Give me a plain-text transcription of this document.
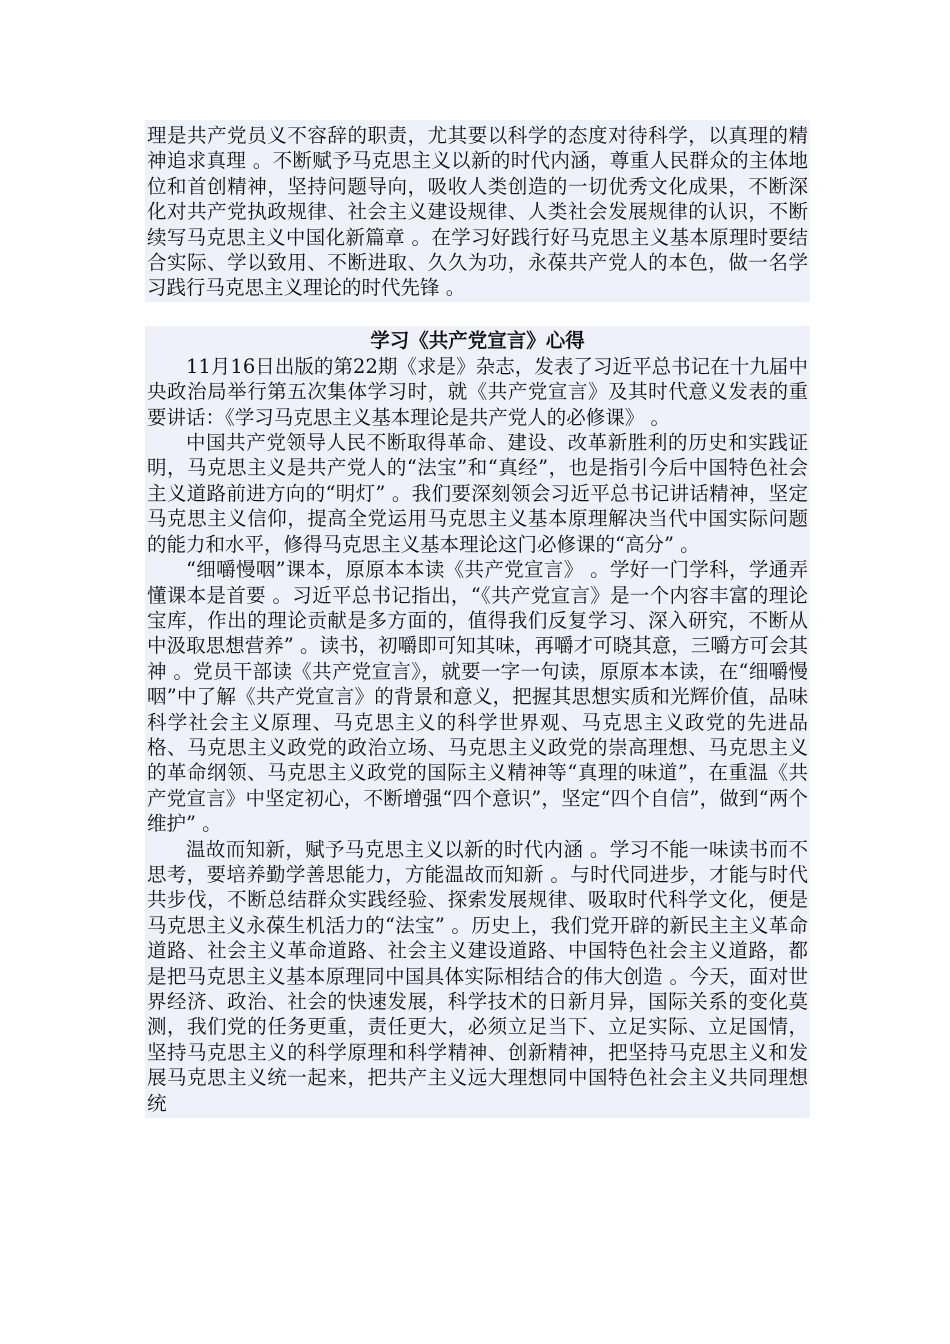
理是共产党员义不容辞的职责，尤其要以科学的态度对待科学，以真理的精神追求真理 。不断赋予马克思主义以新的时代内涵，尊重人民群众的主体地位和首创精神，坚持问题导向，吸收人类创造的一切优秀文化成果，不断深化对共产党执政规律、社会主义建设规律、人类社会发展规律的认识，不断续写马克思主义中国化新篇章 。在学习好践行好马克思主义基本原理时要结合实际、学以致用、不断进取、久久为功，永葆共产党人的本色，做一名学习践行马克思主义理论的时代先锋 。

学习《共产党宣言》心得

11月16日出版的第22期《求是》杂志，发表了习近平总书记在十九届中央政治局举行第五次集体学习时，就《共产党宣言》及其时代意义发表的重要讲话：《学习马克思主义基本理论是共产党人的必修课》 。

中国共产党领导人民不断取得革命、建设、改革新胜利的历史和实践证明，马克思主义是共产党人的“法宝”和“真经”，也是指引今后中国特色社会主义道路前进方向的“明灯” 。我们要深刻领会习近平总书记讲话精神，坚定马克思主义信仰，提高全党运用马克思主义基本原理解决当代中国实际问题的能力和水平，修得马克思主义基本理论这门必修课的“高分” 。

“细嚼慢咽”课本，原原本本读《共产党宣言》 。学好一门学科，学通弄懂课本是首要 。习近平总书记指出，“《共产党宣言》是一个内容丰富的理论宝库，作出的理论贡献是多方面的，值得我们反复学习、深入研究，不断从中汲取思想营养” 。读书，初嚼即可知其味，再嚼才可晓其意，三嚼方可会其神 。党员干部读《共产党宣言》，就要一字一句读，原原本本读，在“细嚼慢咽”中了解《共产党宣言》的背景和意义，把握其思想实质和光辉价值，品味科学社会主义原理、马克思主义的科学世界观、马克思主义政党的先进品格、马克思主义政党的政治立场、马克思主义政党的崇高理想、马克思主义的革命纲领、马克思主义政党的国际主义精神等“真理的味道”，在重温《共产党宣言》中坚定初心，不断增强“四个意识”，坚定“四个自信”，做到“两个维护” 。

温故而知新，赋予马克思主义以新的时代内涵 。学习不能一味读书而不思考，要培养勤学善思能力，方能温故而知新 。与时代同进步，才能与时代共步伐，不断总结群众实践经验、探索发展规律、吸取时代科学文化，便是马克思主义永葆生机活力的“法宝” 。历史上，我们党开辟的新民主主义革命道路、社会主义革命道路、社会主义建设道路、中国特色社会主义道路，都是把马克思主义基本原理同中国具体实际相结合的伟大创造 。今天，面对世界经济、政治、社会的快速发展，科学技术的日新月异，国际关系的变化莫测，我们党的任务更重，责任更大，必须立足当下、立足实际、立足国情，坚持马克思主义的科学原理和科学精神、创新精神，把坚持马克思主义和发展马克思主义统一起来，把共产主义远大理想同中国特色社会主义共同理想统
